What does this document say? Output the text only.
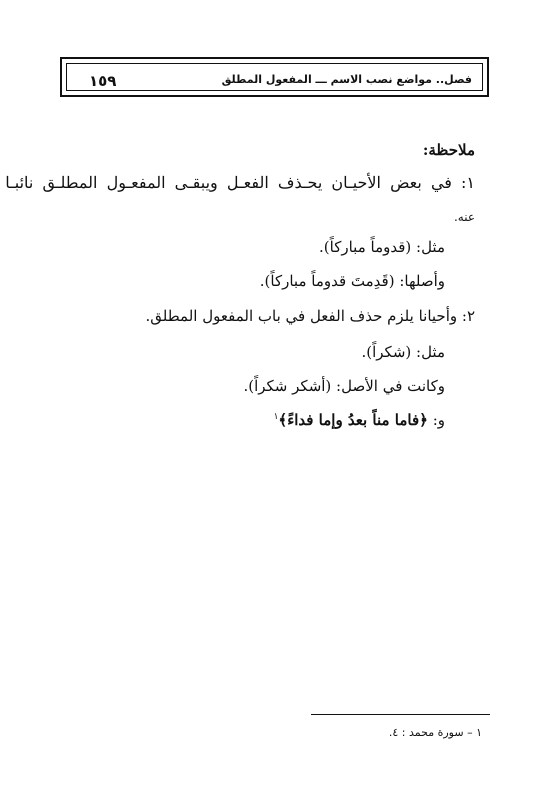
١٥٩	فصل.. مواضع نصب الاسم ـــ المفعول المطلق
ملاحظة:
١: في بعض الأحيـان يحـذف الفعـل ويبقـى المفعـول المطلـق نائبـا
عنه.
مثل: (قدوماً مباركاً).
وأصلها: (قَدِمتَ قدوماً مباركاً).
٢: وأحيانا يلزم حذف الفعل في باب المفعول المطلق.
مثل: (شكراً).
وكانت في الأصل: (أشكر شكراً).
و: ﴿فاما مناً بعدُ وإما فداءً﴾$^١$
١ – سورة محمد : ٤.
